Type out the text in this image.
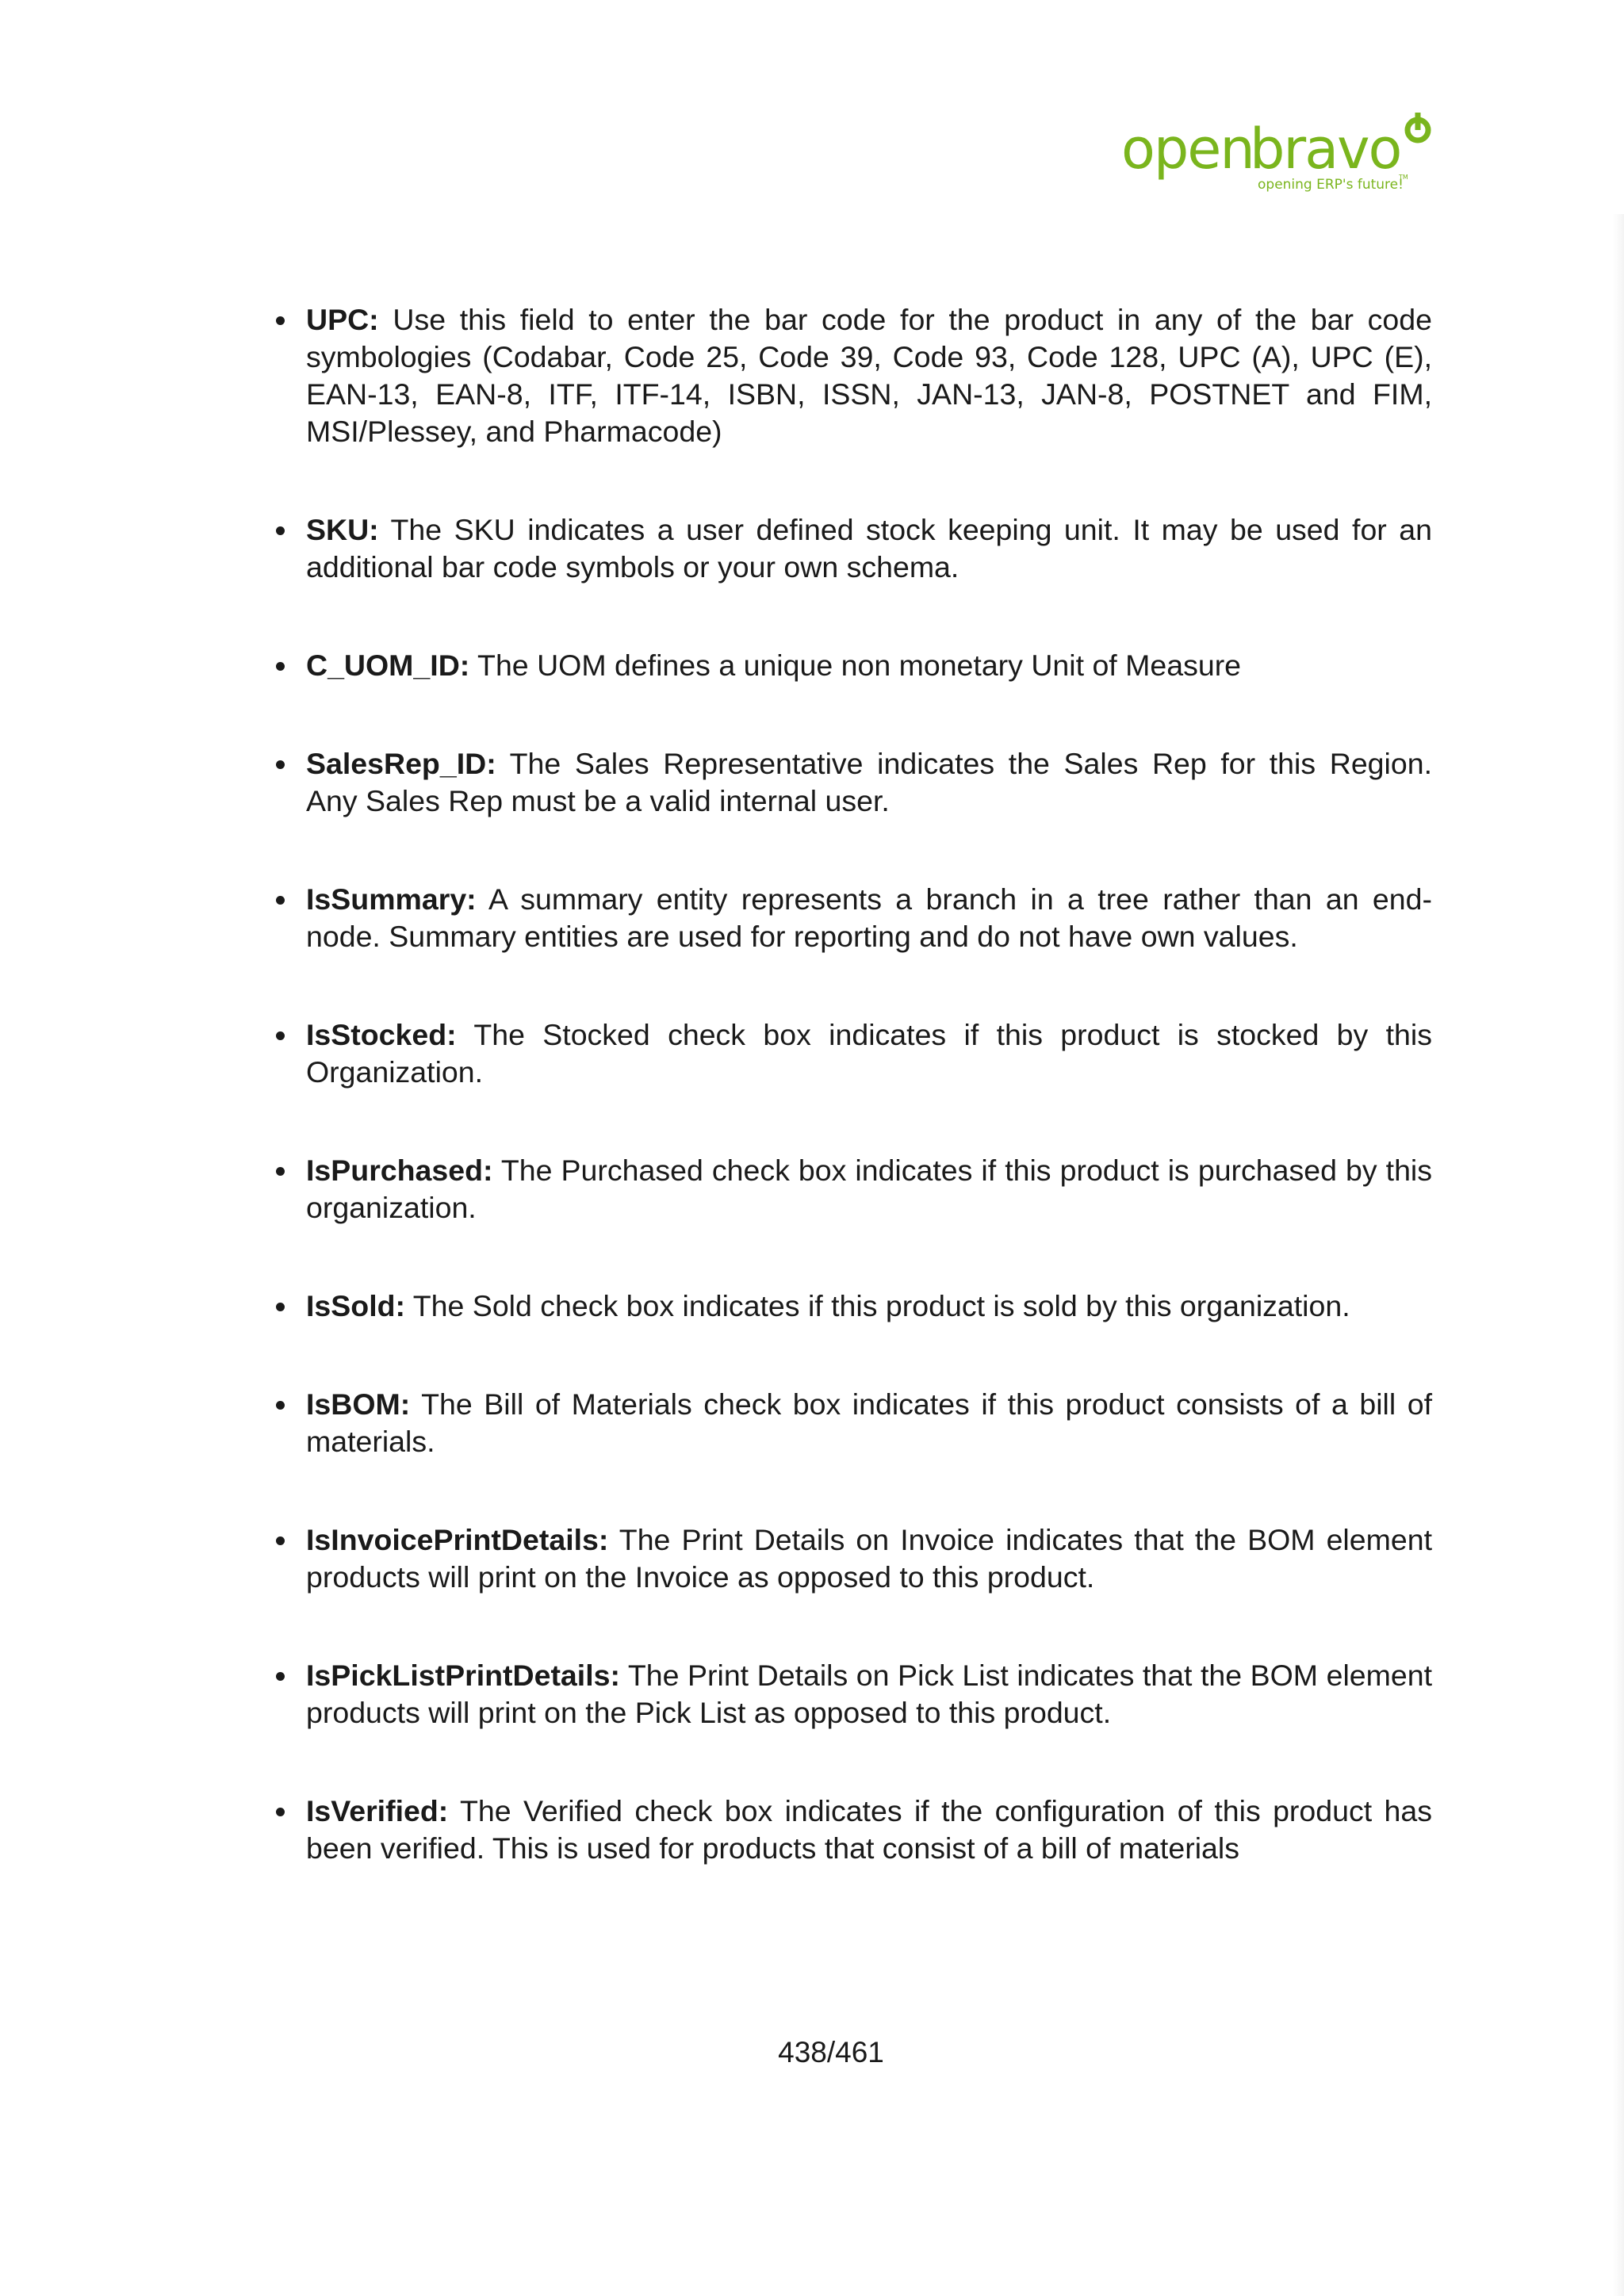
open
bravo
opening ERP's future!
TM
UPC: Use this field to enter the bar code for the product in any of the bar code symbologies (Codabar, Code 25, Code 39, Code 93, Code 128, UPC (A), UPC (E), EAN-13, EAN-8, ITF, ITF-14, ISBN, ISSN, JAN-13, JAN-8, POSTNET and FIM, MSI/Plessey, and Pharmacode)
SKU: The SKU indicates a user defined stock keeping unit. It may be used for an additional bar code symbols or your own schema.
C_UOM_ID: The UOM defines a unique non monetary Unit of Measure
SalesRep_ID: The Sales Representative indicates the Sales Rep for this Region. Any Sales Rep must be a valid internal user.
IsSummary: A summary entity represents a branch in a tree rather than an end-node. Summary entities are used for reporting and do not have own values.
IsStocked: The Stocked check box indicates if this product is stocked by this Organization.
IsPurchased: The Purchased check box indicates if this product is purchased by this organization.
IsSold: The Sold check box indicates if this product is sold by this organization.
IsBOM: The Bill of Materials check box indicates if this product consists of a bill of materials.
IsInvoicePrintDetails: The Print Details on Invoice indicates that the BOM element products will print on the Invoice as opposed to this product.
IsPickListPrintDetails: The Print Details on Pick List indicates that the BOM element products will print on the Pick List as opposed to this product.
IsVerified: The Verified check box indicates if the configuration of this product has been verified. This is used for products that consist of a bill of materials
438/461
